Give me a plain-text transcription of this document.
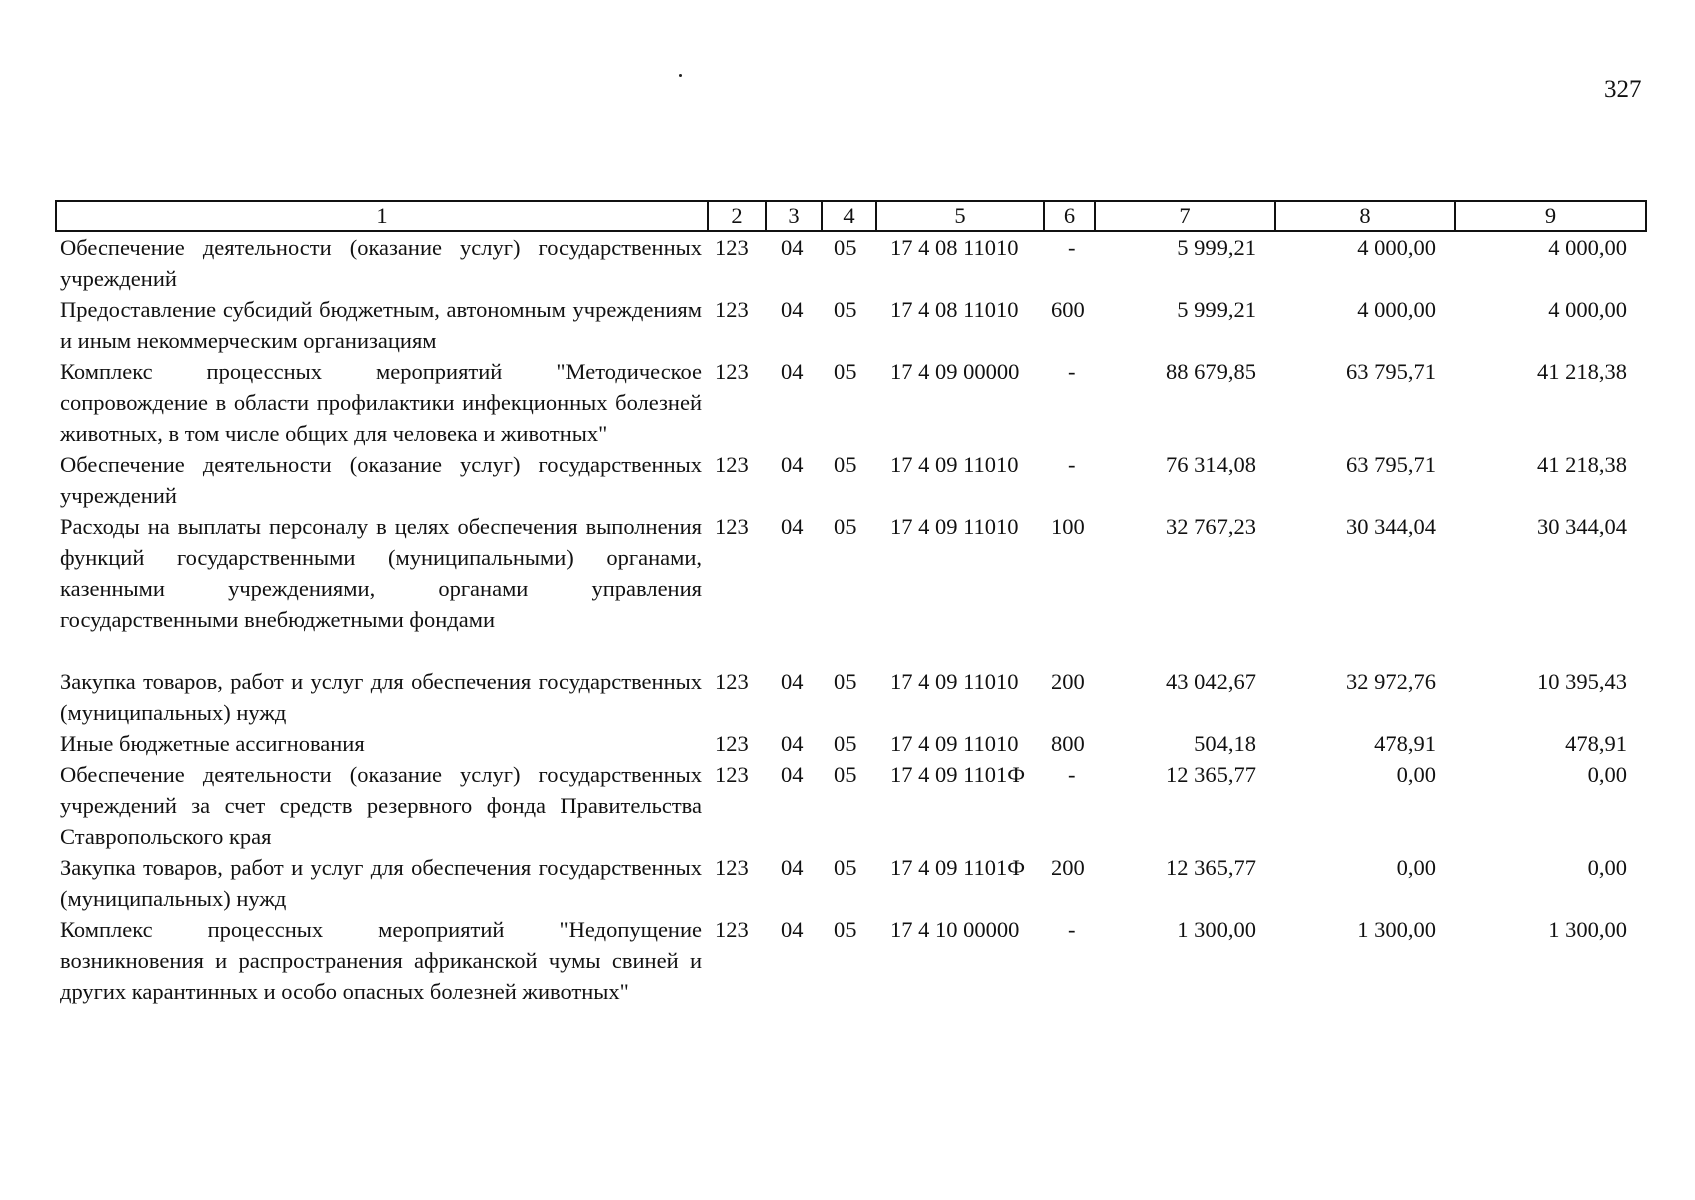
327
1	2	3	4	5	6	7	8	9
Обеспечение деятельности (оказание услуг) государственных учреждений	123	04	05	17 4 08 11010	-	5 999,21	4 000,00	4 000,00
Предоставление субсидий бюджетным, автономным учреждениям и иным некоммерческим организациям	123	04	05	17 4 08 11010	600	5 999,21	4 000,00	4 000,00
Комплекс процессных мероприятий "Методическое сопровождение в области профилактики инфекционных болезней животных, в том числе общих для человека и животных"	123	04	05	17 4 09 00000	-	88 679,85	63 795,71	41 218,38
Обеспечение деятельности (оказание услуг) государственных учреждений	123	04	05	17 4 09 11010	-	76 314,08	63 795,71	41 218,38
Расходы на выплаты персоналу в целях обеспечения выполнения функций государственными (муниципальными) органами, казенными учреждениями, органами управления государственными внебюджетными фондами	123	04	05	17 4 09 11010	100	32 767,23	30 344,04	30 344,04
Закупка товаров, работ и услуг для обеспечения государственных (муниципальных) нужд	123	04	05	17 4 09 11010	200	43 042,67	32 972,76	10 395,43
Иные бюджетные ассигнования	123	04	05	17 4 09 11010	800	504,18	478,91	478,91
Обеспечение деятельности (оказание услуг) государственных учреждений за счет средств резервного фонда Правительства Ставропольского края	123	04	05	17 4 09 1101Ф	-	12 365,77	0,00	0,00
Закупка товаров, работ и услуг для обеспечения государственных (муниципальных) нужд	123	04	05	17 4 09 1101Ф	200	12 365,77	0,00	0,00
Комплекс процессных мероприятий "Недопущение возникновения и распространения африканской чумы свиней и других карантинных и особо опасных болезней животных"	123	04	05	17 4 10 00000	-	1 300,00	1 300,00	1 300,00
